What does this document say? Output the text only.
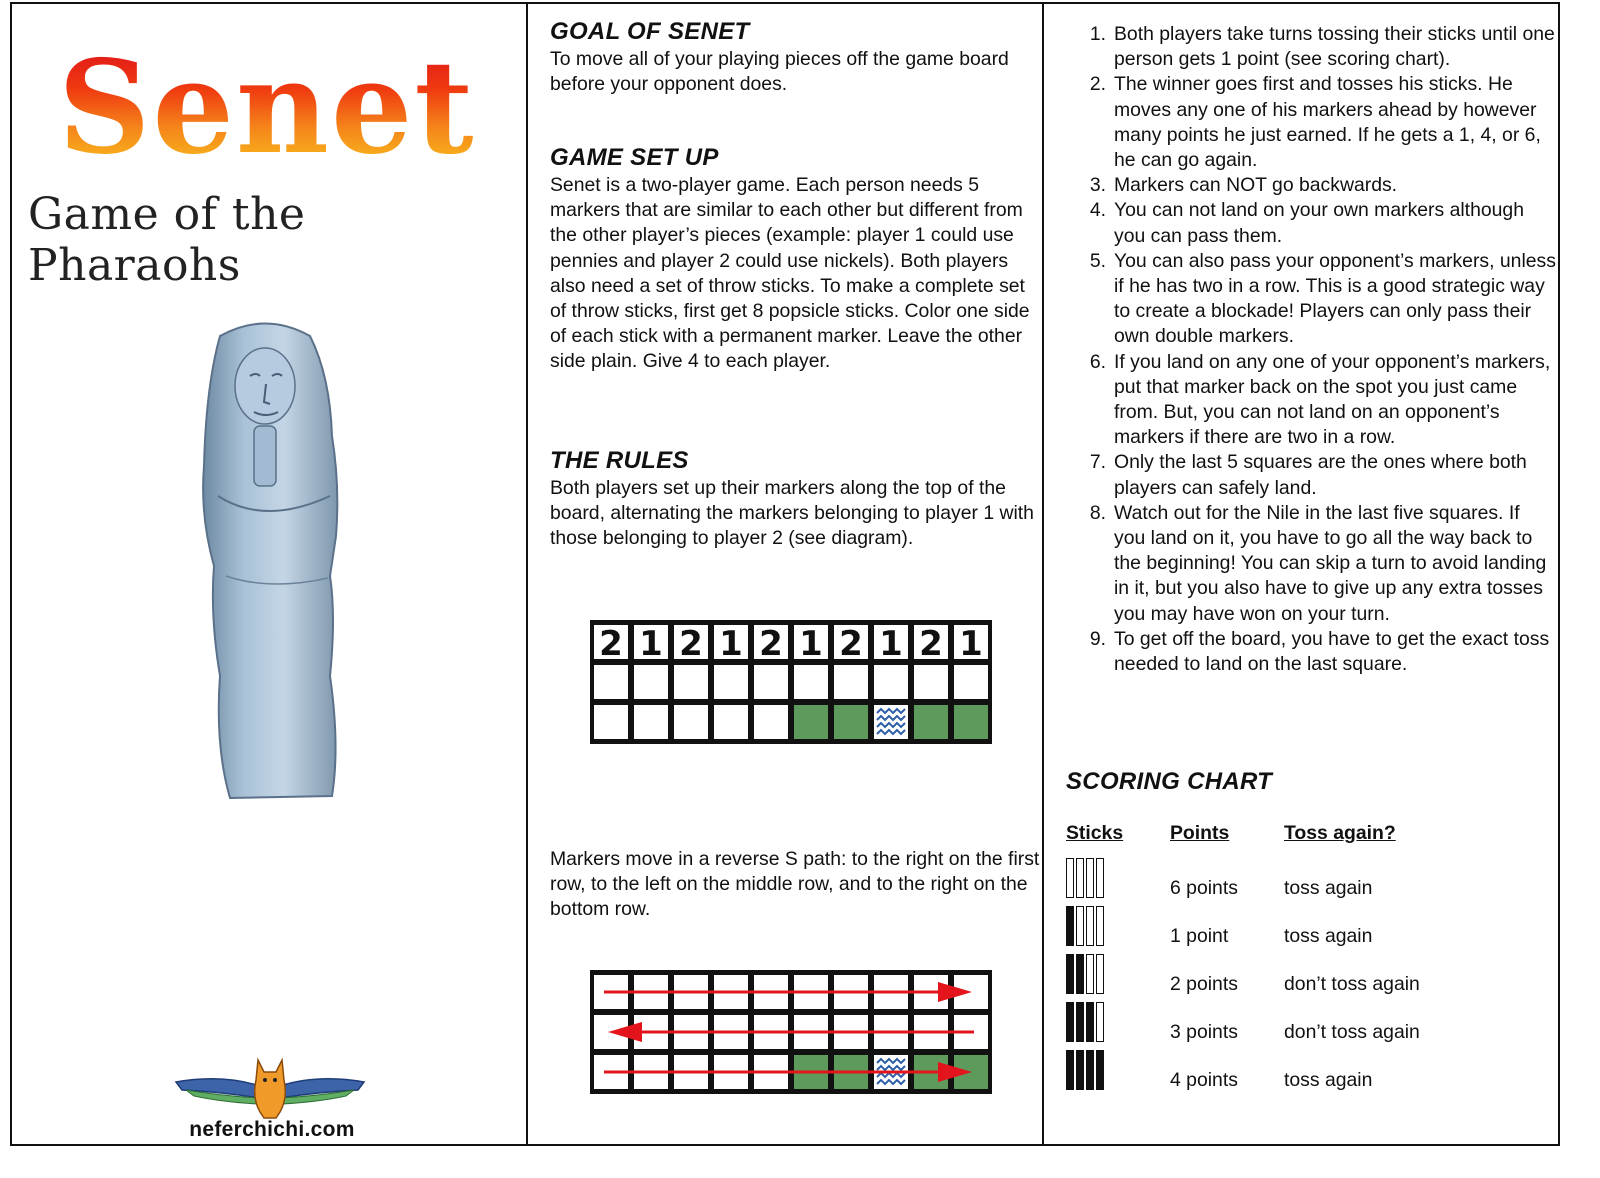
Senet
Game of the Pharaohs
neferchichi.com
GOAL OF SENET
To move all of your playing pieces off the game board before your opponent does.
GAME SET UP
Senet is a two-player game. Each person needs 5 markers that are similar to each other but different from the other player’s pieces (example: player 1 could use pennies and player 2 could use nickels). Both players also need a set of throw sticks. To make a complete set of throw sticks, first get 8 popsicle sticks. Color one side of each stick with a permanent marker. Leave the other side plain. Give 4 to each player.
THE RULES
Both players set up their markers along the top of the board, alternating the markers belonging to player 1 with those belonging to player 2 (see diagram).
2 1 2 1 2 1 2 1 2 1
Markers move in a reverse S path: to the right on the first row, to the left on the middle row, and to the right on the bottom row.
1. Both players take turns tossing their sticks until one person gets 1 point (see scoring chart).
2. The winner goes first and tosses his sticks. He moves any one of his markers ahead by however many points he just earned. If he gets a 1, 4, or 6, he can go again.
3. Markers can NOT go backwards.
4. You can not land on your own markers although you can pass them.
5. You can also pass your opponent’s markers, unless if he has two in a row. This is a good strategic way to create a blockade! Players can only pass their own double markers.
6. If you land on any one of your opponent’s markers, put that marker back on the spot you just came from. But, you can not land on an opponent’s markers if there are two in a row.
7. Only the last 5 squares are the ones where both players can safely land.
8. Watch out for the Nile in the last five squares. If you land on it, you have to go all the way back to the beginning! You can skip a turn to avoid landing in it, but you also have to give up any extra tosses you may have won on your turn.
9. To get off the board, you have to get the exact toss needed to land on the last square.
SCORING CHART
Sticks Points	Toss again?
6 points toss again
1 point	toss again
2 points don’t toss again
3 points don’t toss again
4 points toss again
